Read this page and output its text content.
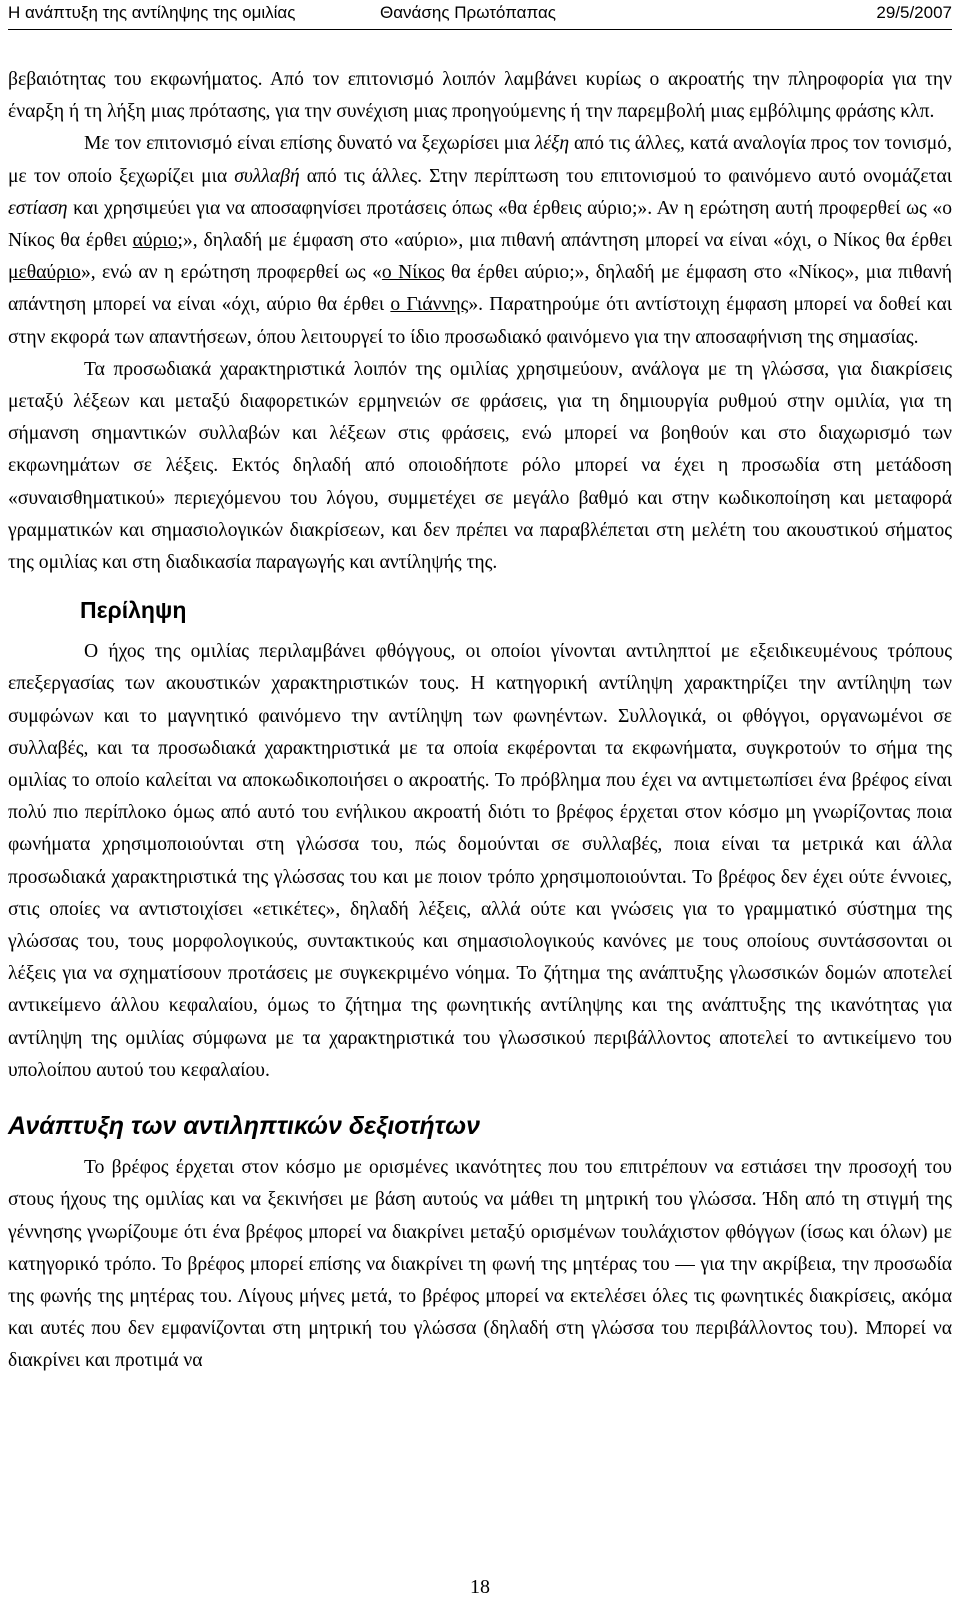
Η ανάπτυξη της αντίληψης της ομιλίας	Θανάσης Πρωτόπαπας	29/5/2007

βεβαιότητας του εκφωνήματος. Από τον επιτονισμό λοιπόν λαμβάνει κυρίως ο ακροατής την πληροφορία για την έναρξη ή τη λήξη μιας πρότασης, για την συνέχιση μιας προηγούμενης ή την παρεμβολή μιας εμβόλιμης φράσης κλπ.

Με τον επιτονισμό είναι επίσης δυνατό να ξεχωρίσει μια λέξη από τις άλλες, κατά αναλογία προς τον τονισμό, με τον οποίο ξεχωρίζει μια συλλαβή από τις άλλες. Στην περίπτωση του επιτονισμού το φαινόμενο αυτό ονομάζεται εστίαση και χρησιμεύει για να αποσαφηνίσει προτάσεις όπως «θα έρθεις αύριο;». Αν η ερώτηση αυτή προφερθεί ως «ο Νίκος θα έρθει αύριο;», δηλαδή με έμφαση στο «αύριο», μια πιθανή απάντηση μπορεί να είναι «όχι, ο Νίκος θα έρθει μεθαύριο», ενώ αν η ερώτηση προφερθεί ως «ο Νίκος θα έρθει αύριο;», δηλαδή με έμφαση στο «Νίκος», μια πιθανή απάντηση μπορεί να είναι «όχι, αύριο θα έρθει ο Γιάννης». Παρατηρούμε ότι αντίστοιχη έμφαση μπορεί να δοθεί και στην εκφορά των απαντήσεων, όπου λειτουργεί το ίδιο προσωδιακό φαινόμενο για την αποσαφήνιση της σημασίας.

Τα προσωδιακά χαρακτηριστικά λοιπόν της ομιλίας χρησιμεύουν, ανάλογα με τη γλώσσα, για διακρίσεις μεταξύ λέξεων και μεταξύ διαφορετικών ερμηνειών σε φράσεις, για τη δημιουργία ρυθμού στην ομιλία, για τη σήμανση σημαντικών συλλαβών και λέξεων στις φράσεις, ενώ μπορεί να βοηθούν και στο διαχωρισμό των εκφωνημάτων σε λέξεις. Εκτός δηλαδή από οποιοδήποτε ρόλο μπορεί να έχει η προσωδία στη μετάδοση «συναισθηματικού» περιεχόμενου του λόγου, συμμετέχει σε μεγάλο βαθμό και στην κωδικοποίηση και μεταφορά γραμματικών και σημασιολογικών διακρίσεων, και δεν πρέπει να παραβλέπεται στη μελέτη του ακουστικού σήματος της ομιλίας και στη διαδικασία παραγωγής και αντίληψής της.

Περίληψη

Ο ήχος της ομιλίας περιλαμβάνει φθόγγους, οι οποίοι γίνονται αντιληπτοί με εξειδικευμένους τρόπους επεξεργασίας των ακουστικών χαρακτηριστικών τους. Η κατηγορική αντίληψη χαρακτηρίζει την αντίληψη των συμφώνων και το μαγνητικό φαινόμενο την αντίληψη των φωνηέντων. Συλλογικά, οι φθόγγοι, οργανωμένοι σε συλλαβές, και τα προσωδιακά χαρακτηριστικά με τα οποία εκφέρονται τα εκφωνήματα, συγκροτούν το σήμα της ομιλίας το οποίο καλείται να αποκωδικοποιήσει ο ακροατής. Το πρόβλημα που έχει να αντιμετωπίσει ένα βρέφος είναι πολύ πιο περίπλοκο όμως από αυτό του ενήλικου ακροατή διότι το βρέφος έρχεται στον κόσμο μη γνωρίζοντας ποια φωνήματα χρησιμοποιούνται στη γλώσσα του, πώς δομούνται σε συλλαβές, ποια είναι τα μετρικά και άλλα προσωδιακά χαρακτηριστικά της γλώσσας του και με ποιον τρόπο χρησιμοποιούνται. Το βρέφος δεν έχει ούτε έννοιες, στις οποίες να αντιστοιχίσει «ετικέτες», δηλαδή λέξεις, αλλά ούτε και γνώσεις για το γραμματικό σύστημα της γλώσσας του, τους μορφολογικούς, συντακτικούς και σημασιολογικούς κανόνες με τους οποίους συντάσσονται οι λέξεις για να σχηματίσουν προτάσεις με συγκεκριμένο νόημα. Το ζήτημα της ανάπτυξης γλωσσικών δομών αποτελεί αντικείμενο άλλου κεφαλαίου, όμως το ζήτημα της φωνητικής αντίληψης και της ανάπτυξης της ικανότητας για αντίληψη της ομιλίας σύμφωνα με τα χαρακτηριστικά του γλωσσικού περιβάλλοντος αποτελεί το αντικείμενο του υπολοίπου αυτού του κεφαλαίου.

Ανάπτυξη των αντιληπτικών δεξιοτήτων

Το βρέφος έρχεται στον κόσμο με ορισμένες ικανότητες που του επιτρέπουν να εστιάσει την προσοχή του στους ήχους της ομιλίας και να ξεκινήσει με βάση αυτούς να μάθει τη μητρική του γλώσσα. Ήδη από τη στιγμή της γέννησης γνωρίζουμε ότι ένα βρέφος μπορεί να διακρίνει μεταξύ ορισμένων τουλάχιστον φθόγγων (ίσως και όλων) με κατηγορικό τρόπο. Το βρέφος μπορεί επίσης να διακρίνει τη φωνή της μητέρας του — για την ακρίβεια, την προσωδία της φωνής της μητέρας του. Λίγους μήνες μετά, το βρέφος μπορεί να εκτελέσει όλες τις φωνητικές διακρίσεις, ακόμα και αυτές που δεν εμφανίζονται στη μητρική του γλώσσα (δηλαδή στη γλώσσα του περιβάλλοντος του). Μπορεί να διακρίνει και προτιμά να

18
